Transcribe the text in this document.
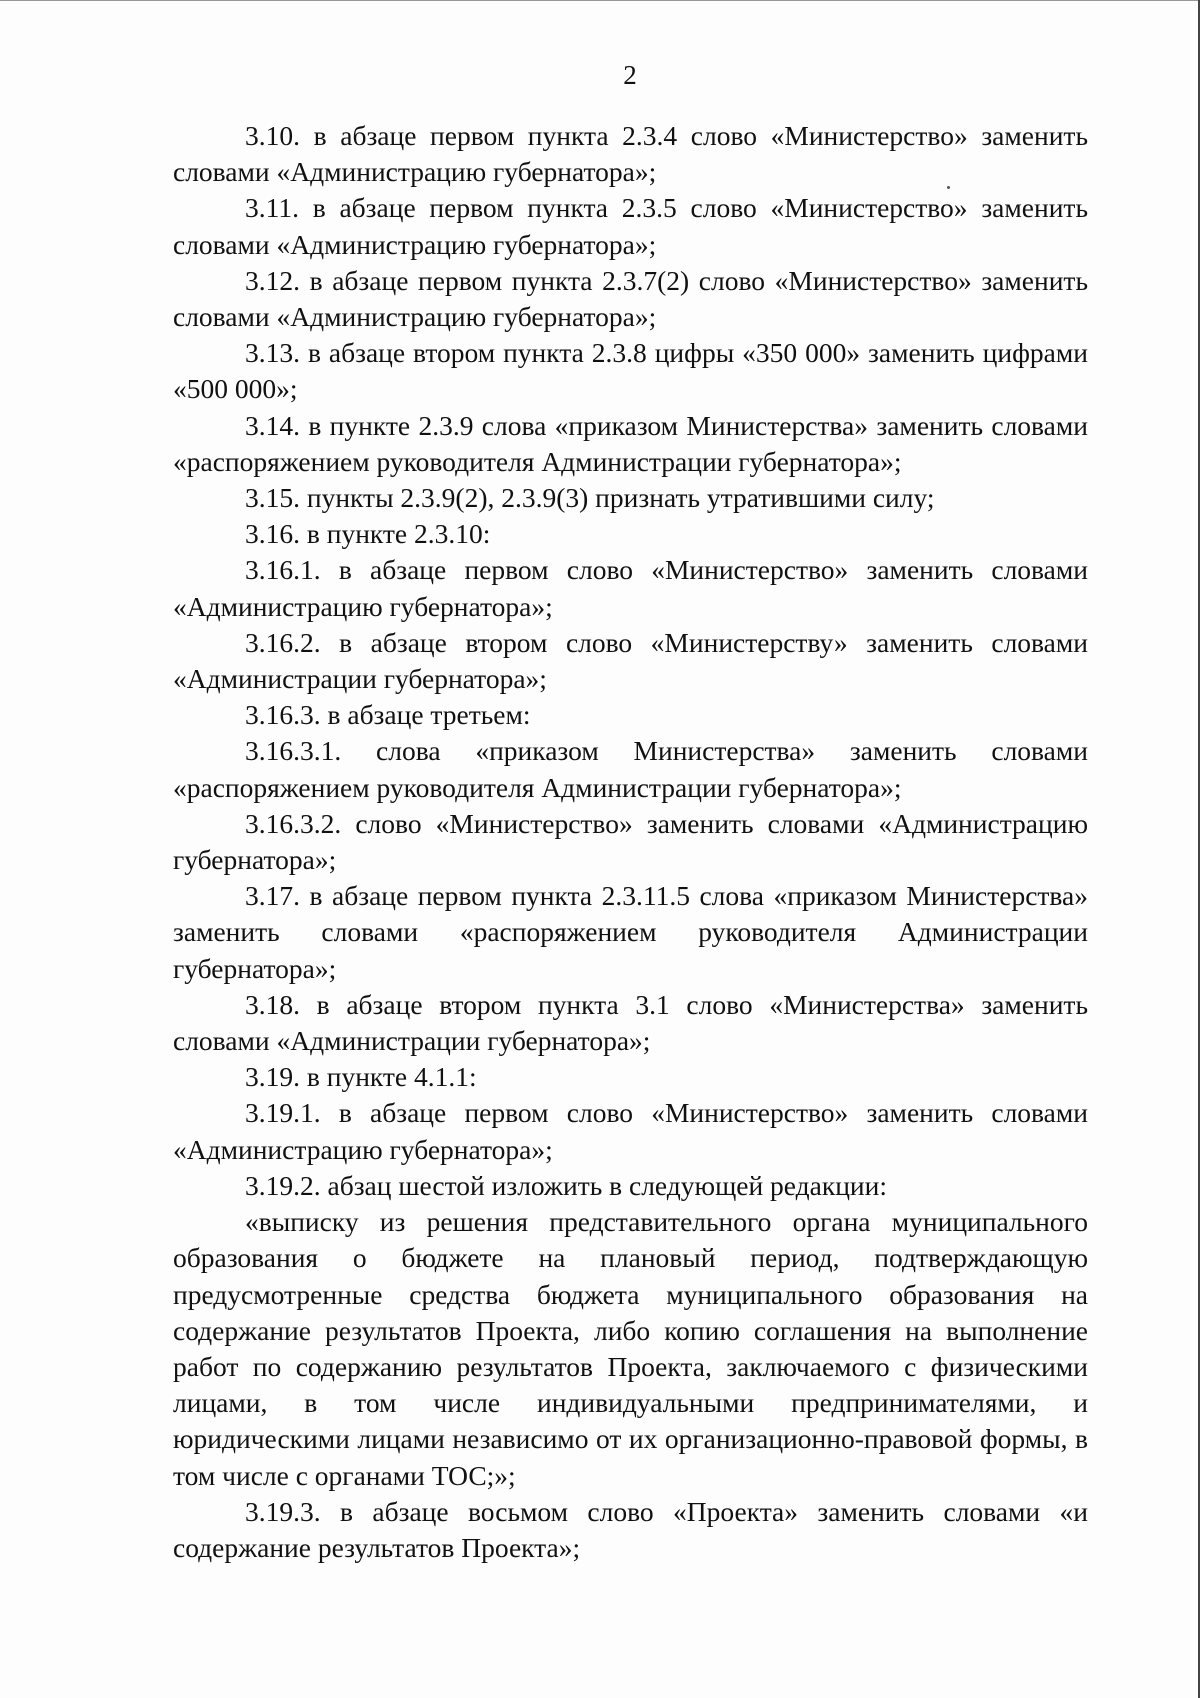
2

3.10. в абзаце первом пункта 2.3.4 слово «Министерство» заменить словами «Администрацию губернатора»;

3.11. в абзаце первом пункта 2.3.5 слово «Министерство» заменить словами «Администрацию губернатора»;

3.12. в абзаце первом пункта 2.3.7(2) слово «Министерство» заменить словами «Администрацию губернатора»;

3.13. в абзаце втором пункта 2.3.8 цифры «350 000» заменить цифрами «500 000»;

3.14. в пункте 2.3.9 слова «приказом Министерства» заменить словами «распоряжением руководителя Администрации губернатора»;

3.15. пункты 2.3.9(2), 2.3.9(3) признать утратившими силу;

3.16. в пункте 2.3.10:

3.16.1. в абзаце первом слово «Министерство» заменить словами «Администрацию губернатора»;

3.16.2. в абзаце втором слово «Министерству» заменить словами «Администрации губернатора»;

3.16.3. в абзаце третьем:

3.16.3.1. слова «приказом Министерства» заменить словами «распоряжением руководителя Администрации губернатора»;

3.16.3.2. слово «Министерство» заменить словами «Администрацию губернатора»;

3.17. в абзаце первом пункта 2.3.11.5 слова «приказом Министерства» заменить словами «распоряжением руководителя Администрации губернатора»;

3.18. в абзаце втором пункта 3.1 слово «Министерства» заменить словами «Администрации губернатора»;

3.19. в пункте 4.1.1:

3.19.1. в абзаце первом слово «Министерство» заменить словами «Администрацию губернатора»;

3.19.2. абзац шестой изложить в следующей редакции:

«выписку из решения представительного органа муниципального образования о бюджете на плановый период, подтверждающую предусмотренные средства бюджета муниципального образования на содержание результатов Проекта, либо копию соглашения на выполнение работ по содержанию результатов Проекта, заключаемого с физическими лицами, в том числе индивидуальными предпринимателями, и юридическими лицами независимо от их организационно-правовой формы, в том числе с органами ТОС;»;

3.19.3. в абзаце восьмом слово «Проекта» заменить словами «и содержание результатов Проекта»;
